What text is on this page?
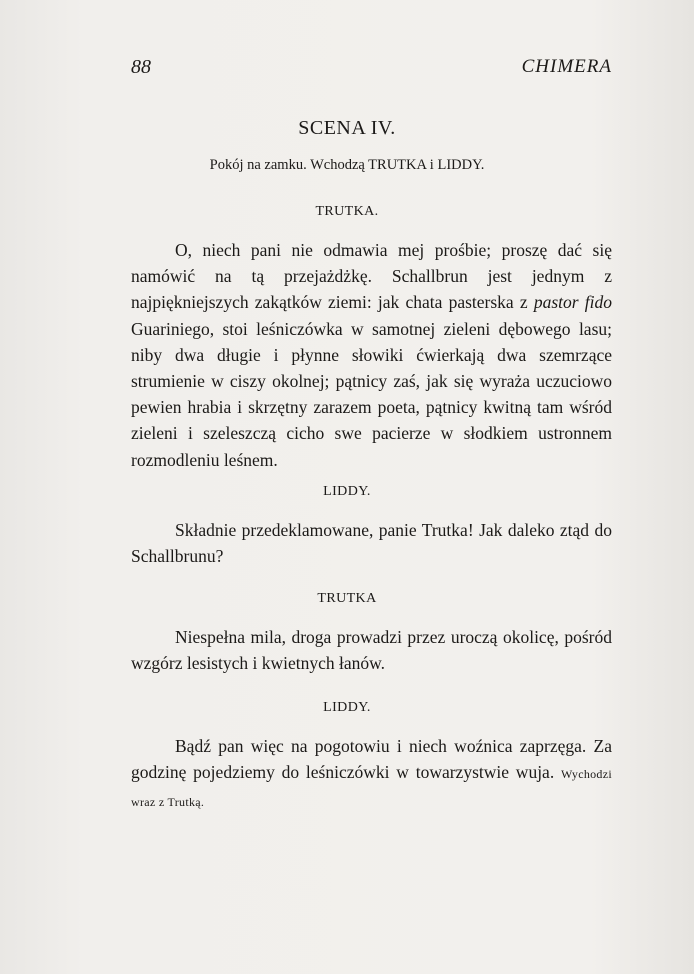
88	CHIMERA
SCENA IV.
Pokój na zamku. Wchodzą TRUTKA i LIDDY.
TRUTKA.

O, niech pani nie odmawia mej prośbie; proszę dać się namówić na tą przejażdżkę. Schallbrun jest jednym z najpiękniejszych zakątków ziemi: jak chata pasterska z pastor fido Guariniego, stoi leśniczówka w samotnej zieleni dębowego lasu; niby dwa długie i płynne słowiki ćwierkają dwa szemrzące strumienie w ciszy okolnej; pątnicy zaś, jak się wyraża uczuciowo pewien hrabia i skrzętny zarazem poeta, pątnicy kwitną tam wśród zieleni i szeleszczą cicho swe pacierze w słodkiem ustronnem rozmodleniu leśnem.

LIDDY.

Składnie przedeklamowane, panie Trutka! Jak daleko ztąd do Schallbrunu?

TRUTKA

Niespełna mila, droga prowadzi przez uroczą okolicę, pośród wzgórz lesistych i kwietnych łanów.

LIDDY.

Bądź pan więc na pogotowiu i niech woźnica zaprzęga. Za godzinę pojedziemy do leśniczówki w towarzystwie wuja. Wychodzi wraz z Trutką.
